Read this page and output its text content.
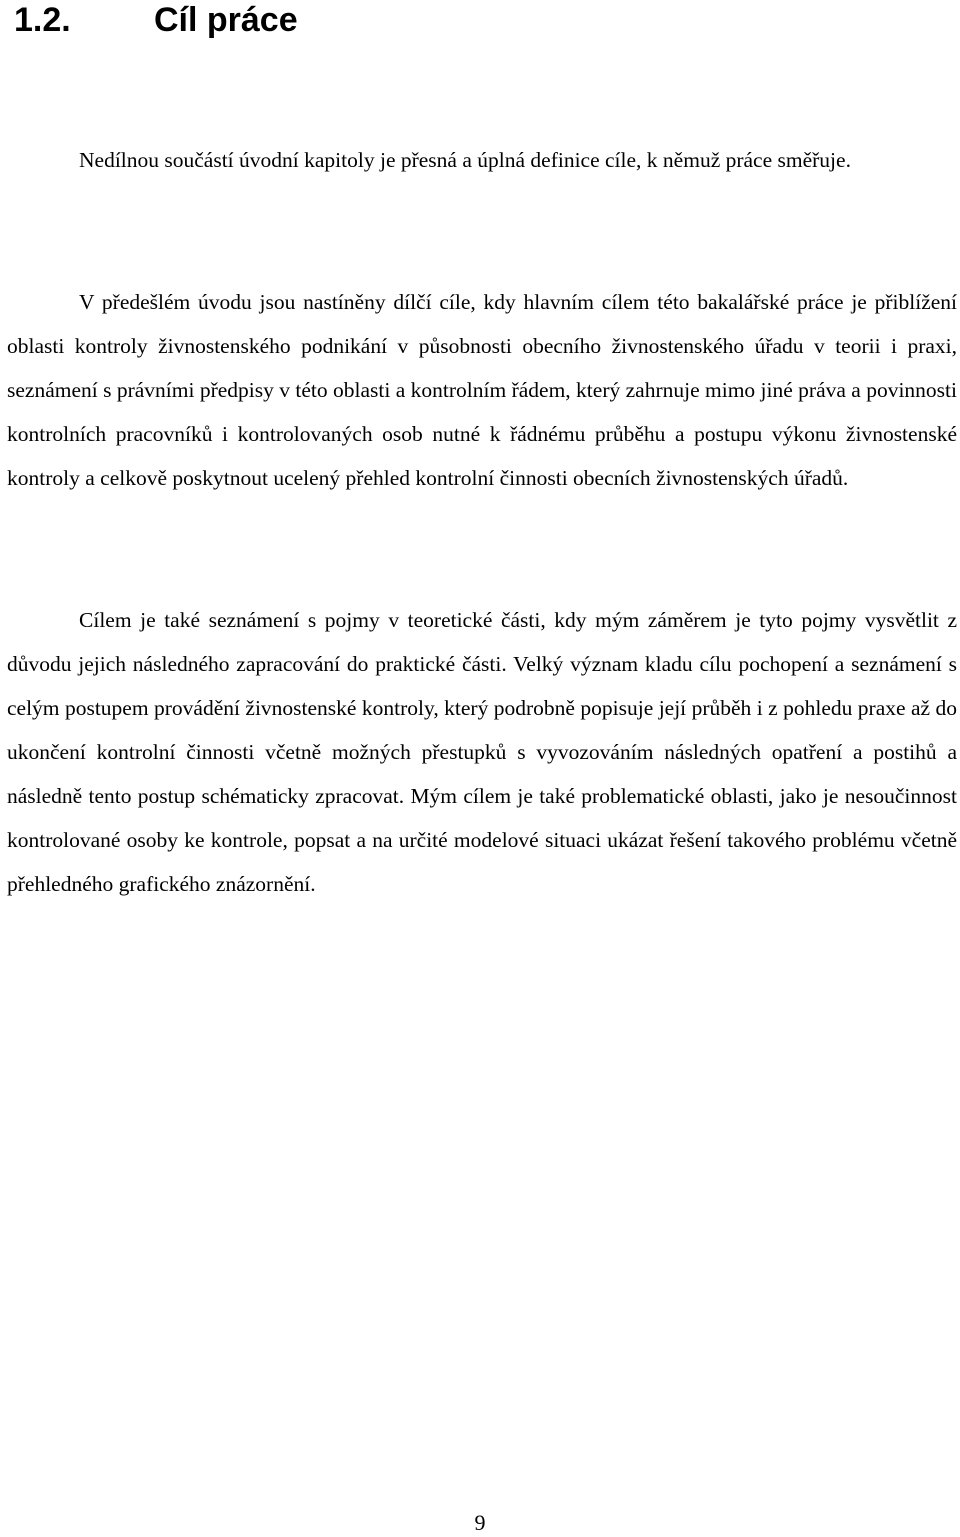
1.2. Cíl práce

Nedílnou součástí úvodní kapitoly je přesná a úplná definice cíle, k němuž práce směřuje.

V předešlém úvodu jsou nastíněny dílčí cíle, kdy hlavním cílem této bakalářské práce je přiblížení oblasti kontroly živnostenského podnikání v působnosti obecního živnostenského úřadu v teorii i praxi, seznámení s právními předpisy v této oblasti a kontrolním řádem, který zahrnuje mimo jiné práva a povinnosti kontrolních pracovníků i kontrolovaných osob nutné k řádnému průběhu a postupu výkonu živnostenské kontroly a celkově poskytnout ucelený přehled kontrolní činnosti obecních živnostenských úřadů.

Cílem je také seznámení s pojmy v teoretické části, kdy mým záměrem je tyto pojmy vysvětlit z důvodu jejich následného zapracování do praktické části. Velký význam kladu cílu pochopení a seznámení s celým postupem provádění živnostenské kontroly, který podrobně popisuje její průběh i z pohledu praxe až do ukončení kontrolní činnosti včetně možných přestupků s vyvozováním následných opatření a postihů a následně tento postup schématicky zpracovat. Mým cílem je také problematické oblasti, jako je nesoučinnost kontrolované osoby ke kontrole, popsat a na určité modelové situaci ukázat řešení takového problému včetně přehledného grafického znázornění.

9
